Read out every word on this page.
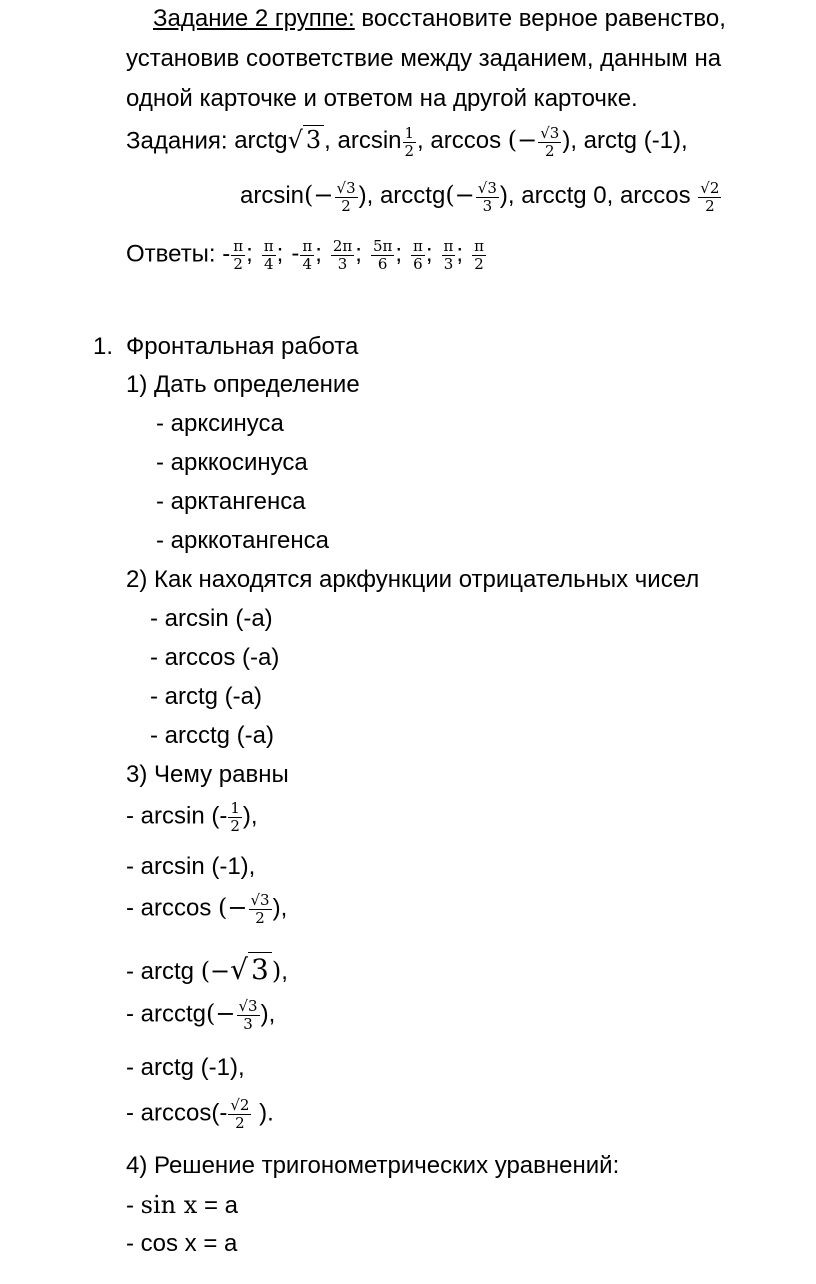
Задание 2 группе: восстановите верное равенство,
установив соответствие между заданием, данным на
одной карточке и ответом на другой карточке.
Задания: arctg√ 3 , $\arcsin \frac{1}{2}$ , arccos (− $\frac{√3}{2}$ ), arctg (-1),
$\arcsin(- \frac{√3}{2}$ ), arcctg(− $\frac{√3}{3}$ ), arcctg 0, $\arccos \frac{√2}{2}$
Ответы: - $\frac{\pi}{2}$ ; $\frac{\pi}{4}$ ; - $\frac{\pi}{4}$ ; $\frac{2\pi}{3}$ ; $\frac{5\pi}{6}$ ; $\frac{\pi}{6}$ ; $\frac{\pi}{3}$ ; $\frac{\pi}{2}$
1. Фронтальная работа
1) Дать определение
- арксинуса
- арккосинуса
- арктангенса
- арккотангенса
2) Как находятся аркфункции отрицательных чисел
- arcsin (-a)
- arccos (-a)
- arctg (-a)
- arcctg (-a)
3) Чему равны
- arcsin (- $\frac{1}{2}$ ),
- arcsin (-1),
- arccos (− $\frac{√3}{2}$ ),
- arctg (−√ 3 ),
- arcctg(− $\frac{√3}{3}$ ),
- arctg (-1),
- $\arccos(- \frac{√2}{2}$ ).
4) Решение тригонометрических уравнений:
- sin x = a
- cos x = a
